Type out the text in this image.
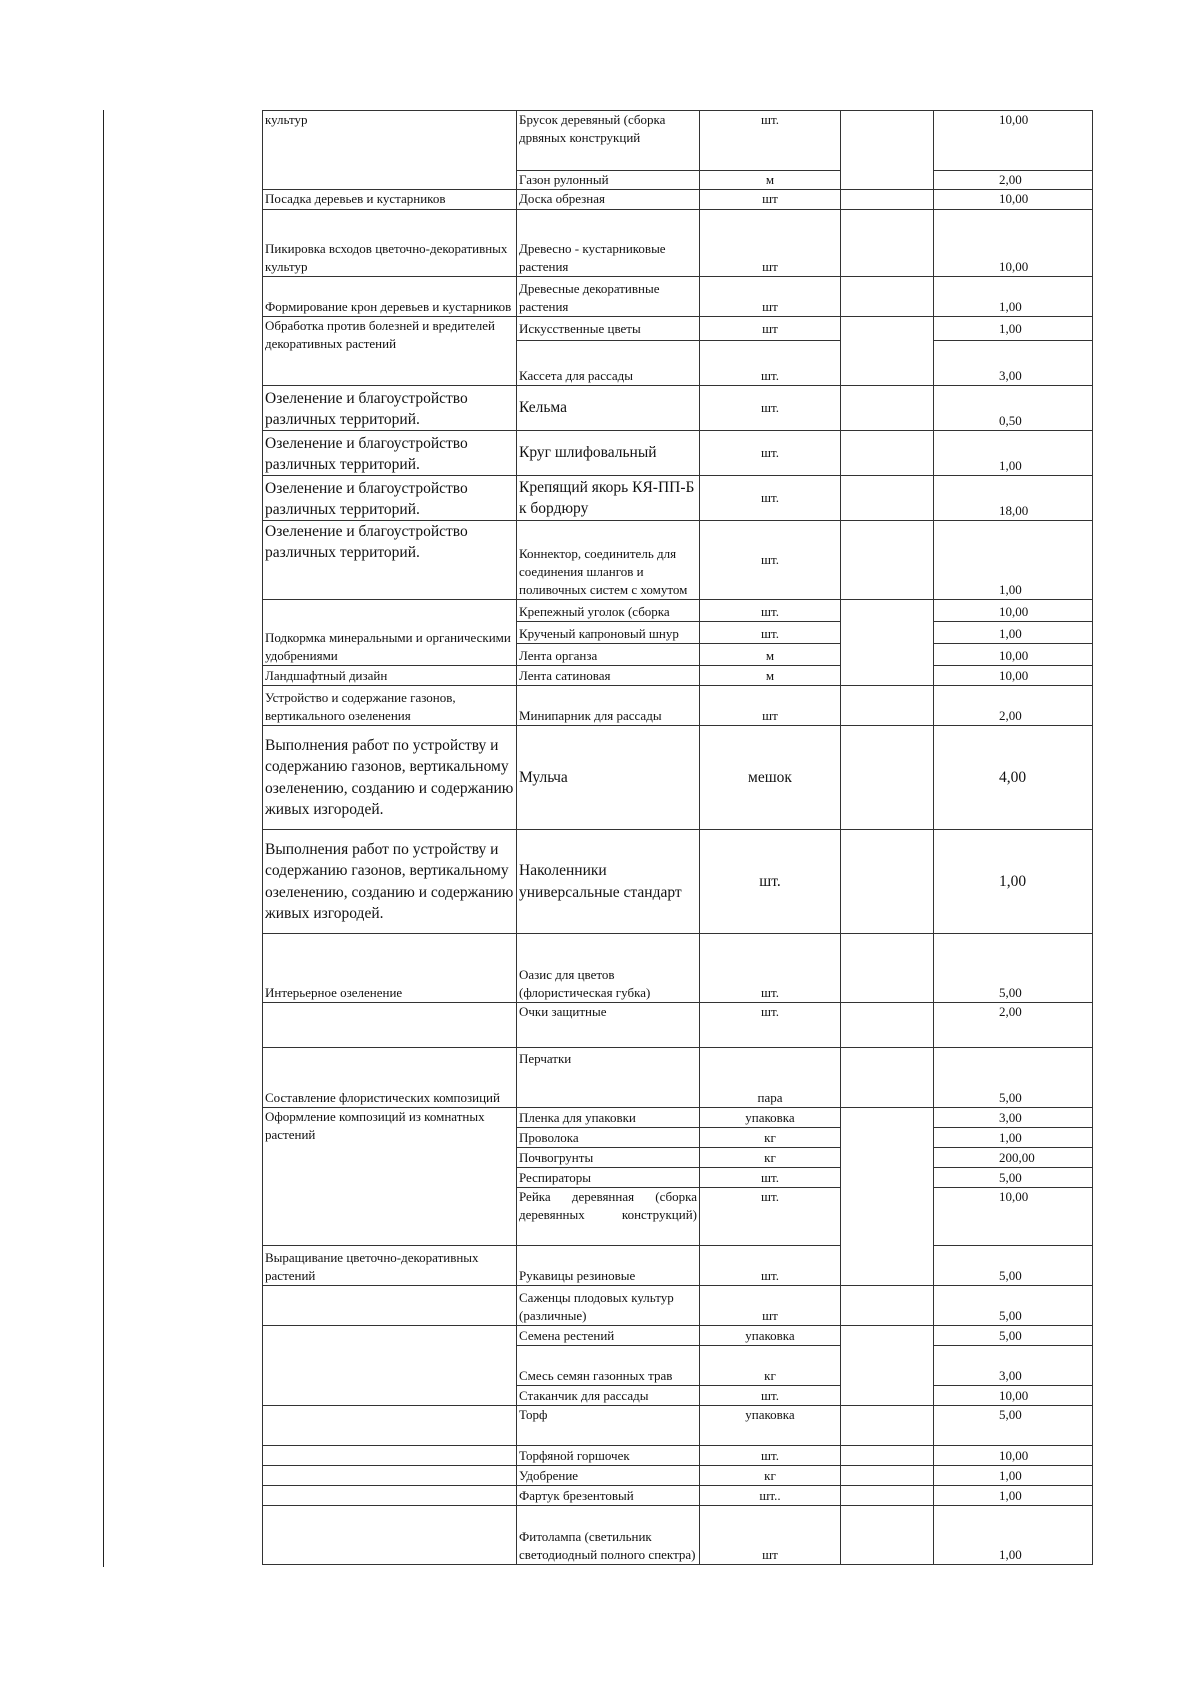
культур	Брусок деревяный (сборка дрвяных конструкций	шт.		10,00
	Газон рулонный	м		2,00
Посадка деревьев и кустарников	Доска обрезная	шт		10,00
Пикировка всходов цветочно-декоративных культур	Древесно - кустарниковые растения	шт		10,00
Формирование крон деревьев и кустарников	Древесные декоративные растения	шт		1,00
Обработка против болезней и вредителей декоративных растений	Искусственные цветы	шт		1,00
	Кассета для рассады	шт.		3,00
Озеленение и благоустройство различных территорий.	Кельма	шт.		0,50
Озеленение и благоустройство различных территорий.	Круг шлифовальный	шт.		1,00
Озеленение и благоустройство различных территорий.	Крепящий якорь КЯ-ПП-Б к бордюру	шт.		18,00
Озеленение и благоустройство различных территорий.	Коннектор, соединитель для соединения шлангов и поливочных систем с хомутом	шт.		1,00
Подкормка минеральными и органическими удобрениями	Крепежный уголок (сборка	шт.		10,00
	Крученый капроновый шнур	шт.		1,00
	Лента органза	м		10,00
Ландшафтный дизайн	Лента сатиновая	м		10,00
Устройство и содержание газонов, вертикального озеленения	Минипарник для рассады	шт		2,00
Выполнения работ по устройству и содержанию газонов, вертикальному озеленению, созданию и содержанию живых изгородей.	Мульча	мешок		4,00
Выполнения работ по устройству и содержанию газонов, вертикальному озеленению, созданию и содержанию живых изгородей.	Наколенники универсальные стандарт	шт.		1,00
Интерьерное озеленение	Оазис для цветов (флористическая губка)	шт.		5,00
	Очки защитные	шт.		2,00
Составление флористических композиций	Перчатки	пара		5,00
Оформление композиций из комнатных растений	Пленка для упаковки	упаковка		3,00
	Проволока	кг		1,00
	Почвогрунты	кг		200,00
	Респираторы	шт.		5,00
	Рейка деревянная (сборка деревянных конструкций)	шт.		10,00
Выращивание цветочно-декоративных растений	Рукавицы резиновые	шт.		5,00
	Саженцы плодовых культур (различные)	шт		5,00
	Семена рестений	упаковка		5,00
	Смесь семян газонных трав	кг		3,00
	Стаканчик для рассады	шт.		10,00
	Торф	упаковка		5,00
	Торфяной горшочек	шт.		10,00
	Удобрение	кг		1,00
	Фартук брезентовый	шт..		1,00
	Фитолампа (светильник светодиодный полного спектра)	шт		1,00
